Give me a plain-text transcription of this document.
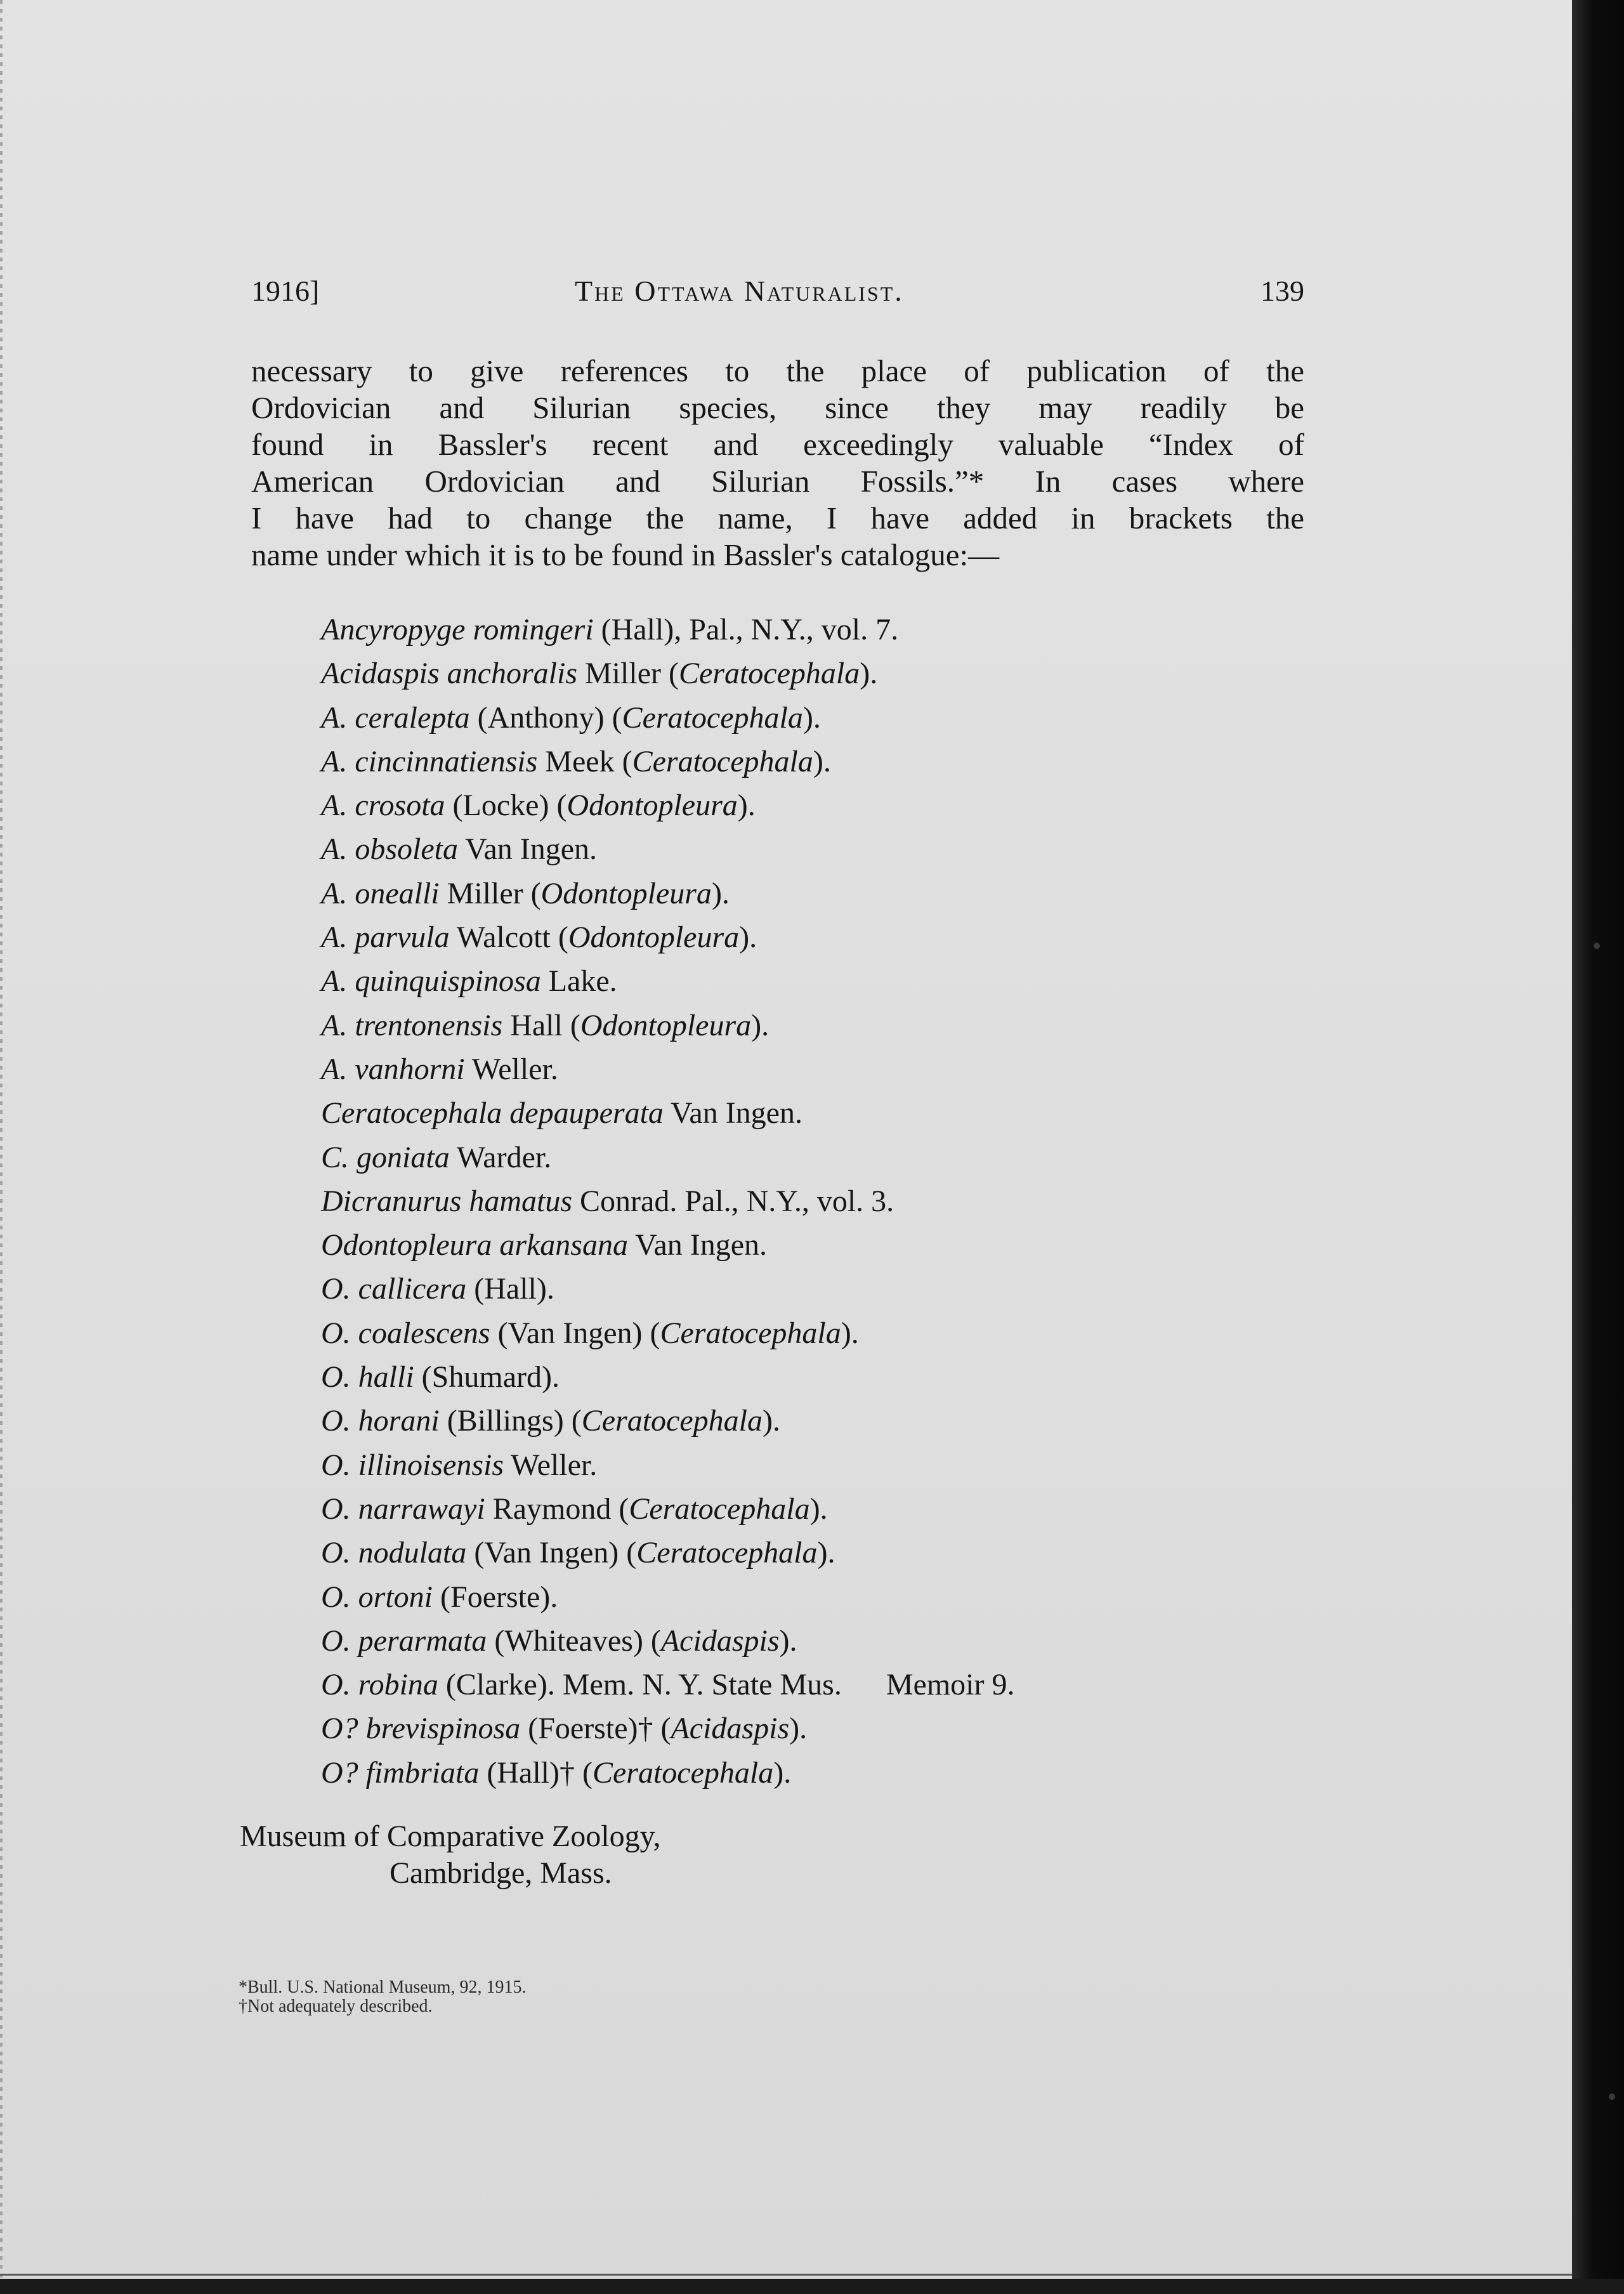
1916]	The Ottawa Naturalist.	139
necessary to give references to the place of publication of the
Ordovician and Silurian species, since they may readily be
found in Bassler's recent and exceedingly valuable “Index of
American Ordovician and Silurian Fossils.”* In cases where
I have had to change the name, I have added in brackets the
name under which it is to be found in Bassler's catalogue:—
Ancyropyge romingeri (Hall), Pal., N.Y., vol. 7.
Acidaspis anchoralis Miller (Ceratocephala).
A. ceralepta (Anthony) (Ceratocephala).
A. cincinnatiensis Meek (Ceratocephala).
A. crosota (Locke) (Odontopleura).
A. obsoleta Van Ingen.
A. onealli Miller (Odontopleura).
A. parvula Walcott (Odontopleura).
A. quinquispinosa Lake.
A. trentonensis Hall (Odontopleura).
A. vanhorni Weller.
Ceratocephala depauperata Van Ingen.
C. goniata Warder.
Dicranurus hamatus Conrad. Pal., N.Y., vol. 3.
Odontopleura arkansana Van Ingen.
O. callicera (Hall).
O. coalescens (Van Ingen) (Ceratocephala).
O. halli (Shumard).
O. horani (Billings) (Ceratocephala).
O. illinoisensis Weller.
O. narrawayi Raymond (Ceratocephala).
O. nodulata (Van Ingen) (Ceratocephala).
O. ortoni (Foerste).
O. perarmata (Whiteaves) (Acidaspis).
O. robina (Clarke). Mem. N. Y. State Mus. Memoir 9.
O? brevispinosa (Foerste)† (Acidaspis).
O? fimbriata (Hall)† (Ceratocephala).
Museum of Comparative Zoology,
Cambridge, Mass.
*Bull. U.S. National Museum, 92, 1915.
†Not adequately described.
